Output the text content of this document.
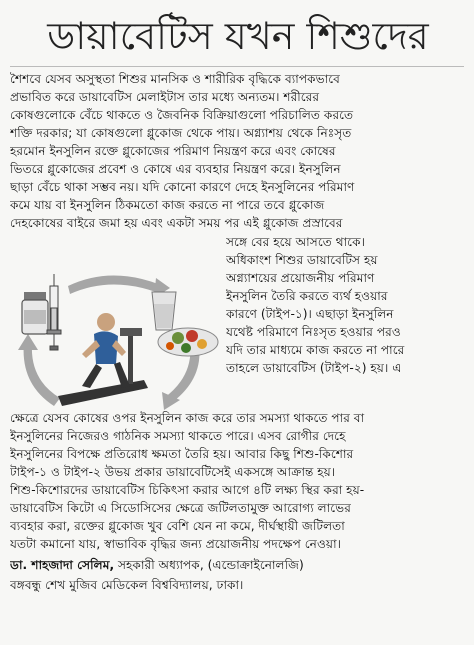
ডায়াবেটিস যখন শিশুদের
শৈশবে যেসব অসুস্থতা শিশুর মানসিক ও শারীরিক বৃদ্ধিকে ব্যাপকভাবে
প্রভাবিত করে ডায়াবেটিস মেলাইটাস তার মধ্যে অন্যতম। শরীরের
কোষগুলোকে বেঁচে থাকতে ও জৈবনিক বিক্রিয়াগুলো পরিচালিত করতে
শক্তি দরকার; যা কোষগুলো গ্লুকোজ থেকে পায়। অগ্ন্যাশয় থেকে নিঃসৃত
হরমোন ইনসুলিন রক্তে গ্লুকোজের পরিমাণ নিয়ন্ত্রণ করে এবং কোষের
ভিতরে গ্লুকোজের প্রবেশ ও কোষে এর ব্যবহার নিয়ন্ত্রণ করে। ইনসুলিন
ছাড়া বেঁচে থাকা সম্ভব নয়। যদি কোনো কারণে দেহে ইনসুলিনের পরিমাণ
কমে যায় বা ইনসুলিন ঠিকমতো কাজ করতে না পারে তবে গ্লুকোজ
দেহকোষের বাইরে জমা হয় এবং একটা সময় পর এই গ্লুকোজ প্রস্রাবের
সঙ্গে বের হয়ে আসতে থাকে।
অধিকাংশ শিশুর ডায়াবেটিস হয়
অগ্ন্যাশয়ের প্রয়োজনীয় পরিমাণ
ইনসুলিন তৈরি করতে ব্যর্থ হওয়ার
কারণে (টাইপ-১)। এছাড়া ইনসুলিন
যথেষ্ট পরিমাণে নিঃসৃত হওয়ার পরও
যদি তার মাধ্যমে কাজ করতে না পারে
তাহলে ডায়াবেটিস (টাইপ-২) হয়। এ
ক্ষেত্রে যেসব কোষের ওপর ইনসুলিন কাজ করে তার সমস্যা থাকতে পার বা
ইনসুলিনের নিজেরও গাঠনিক সমস্যা থাকতে পারে। এসব রোগীর দেহে
ইনসুলিনের বিপক্ষে প্রতিরোধ ক্ষমতা তৈরি হয়। আবার কিছু শিশু-কিশোর
টাইপ-১ ও টাইপ-২ উভয় প্রকার ডায়াবেটিসেই একসঙ্গে আক্রান্ত হয়।
শিশু-কিশোরদের ডায়াবেটিস চিকিৎসা করার আগে ৪টি লক্ষ্য স্থির করা হয়-
ডায়াবেটিস কিটো এ সিডোসিসের ক্ষেত্রে জটিলতামুক্ত আরোগ্য লাভের
ব্যবহার করা, রক্তের গ্লুকোজ খুব বেশি যেন না কমে, দীর্ঘস্থায়ী জটিলতা
যতটা কমানো যায়, স্বাভাবিক বৃদ্ধির জন্য প্রয়োজনীয় পদক্ষেপ নেওয়া।
ডা. শাহজাদা সেলিম, সহকারী অধ্যাপক, (এন্ডোক্রাইনোলজি)
বঙ্গবন্ধু শেখ মুজিব মেডিকেল বিশ্ববিদ্যালয়, ঢাকা।
